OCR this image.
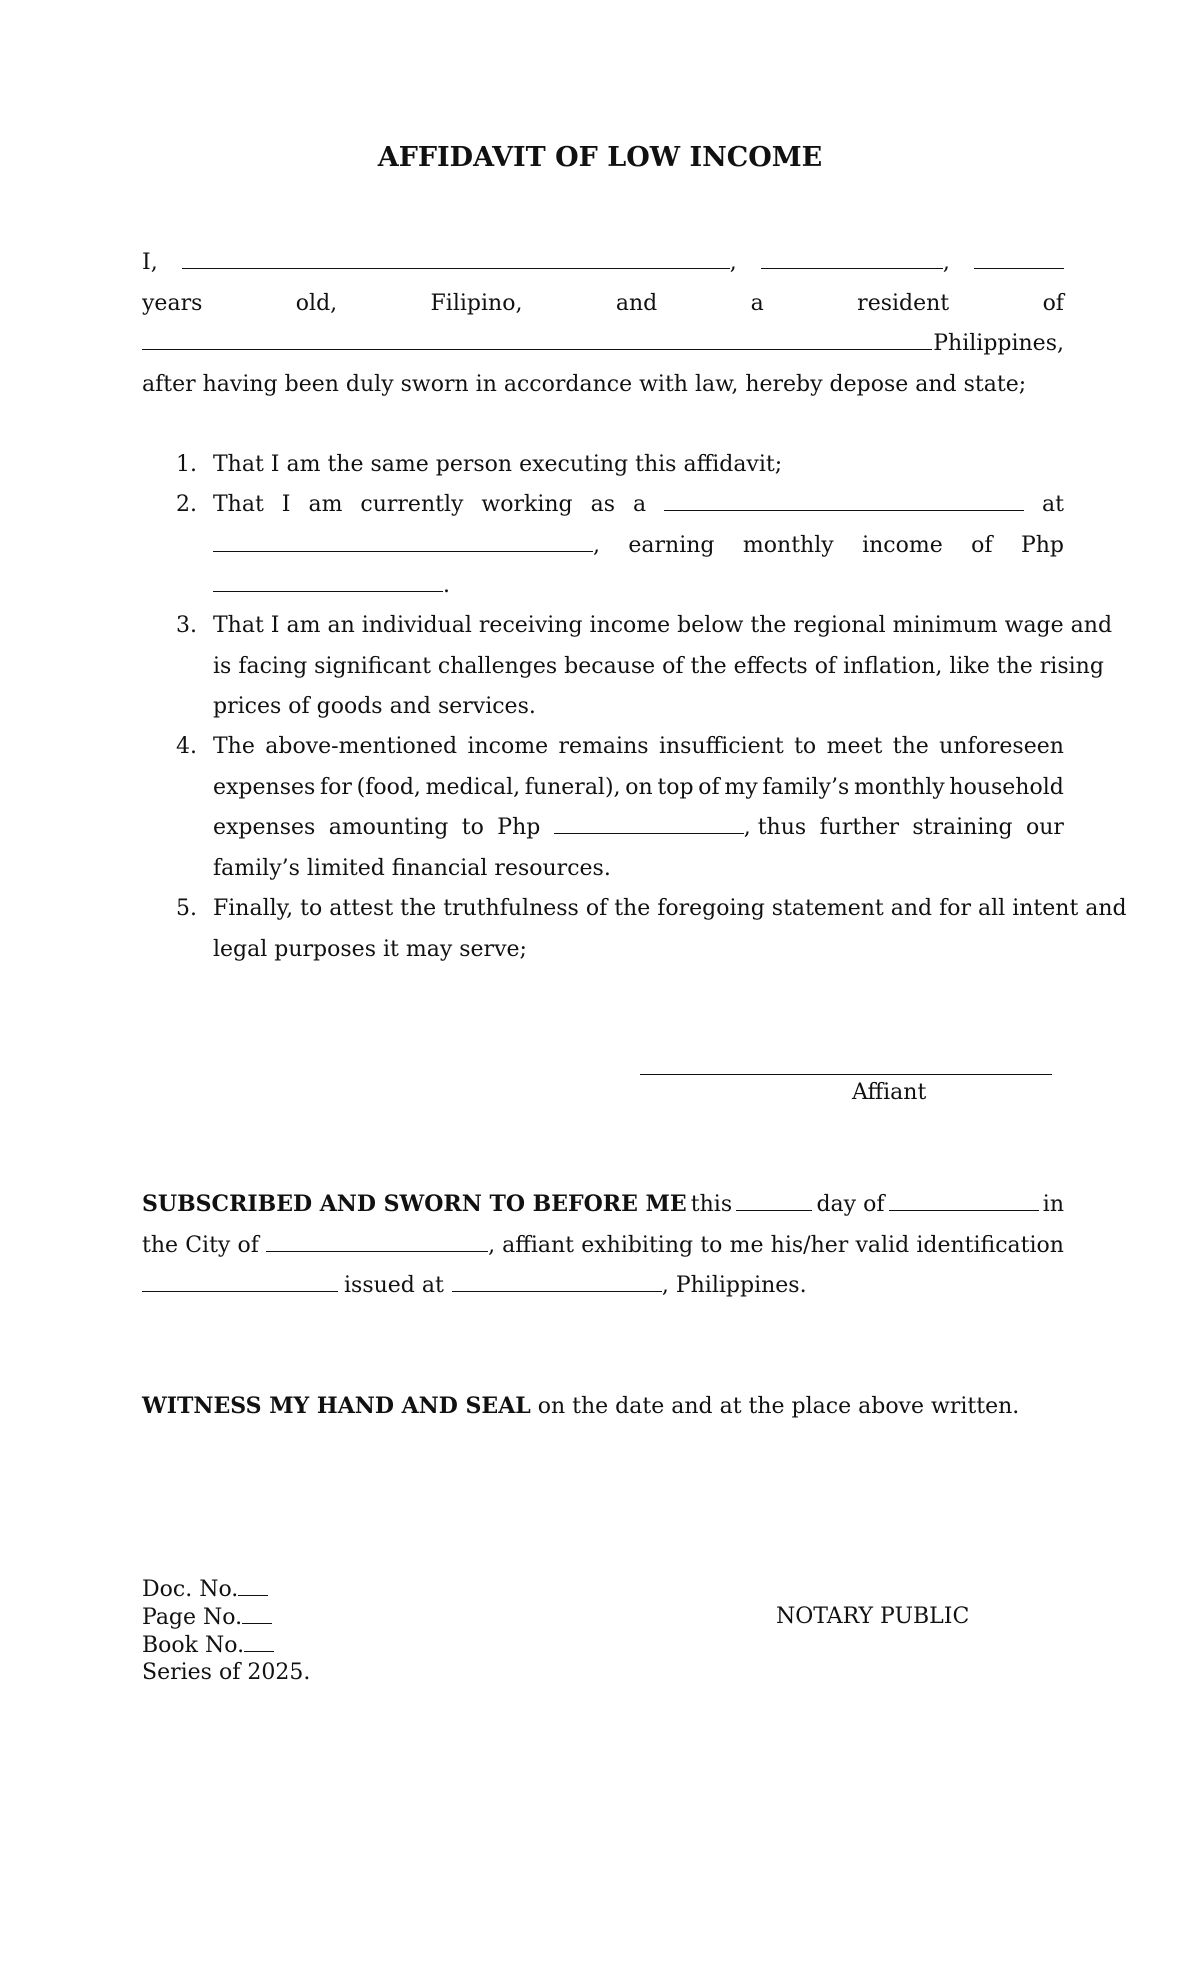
AFFIDAVIT OF LOW INCOME
I,	,	,
years	old,	Filipino,	and	a	resident	of
Philippines,
after having been duly sworn in accordance with law, hereby depose and state;
1. That I am the same person executing this affidavit;
2. That I am currently working as a	at
, earning monthly income of Php
.
3. That I am an individual receiving income below the regional minimum wage and
is facing significant challenges because of the effects of inflation, like the rising
prices of goods and services.
4. The above-mentioned income remains insufficient to meet the unforeseen
expenses for (food, medical, funeral), on top of my family’s monthly household
expenses amounting to Php	, thus further straining our
family’s limited financial resources.
5. Finally, to attest the truthfulness of the foregoing statement and for all intent and
legal purposes it may serve;
Affiant
SUBSCRIBED AND SWORN TO BEFORE ME this	day of	in
the City of	, affiant exhibiting to me his/her valid identification
issued at	, Philippines.
WITNESS MY HAND AND SEAL on the date and at the place above written.
Doc. No.
Page No.
Book No.
Series of 2025.
NOTARY PUBLIC
